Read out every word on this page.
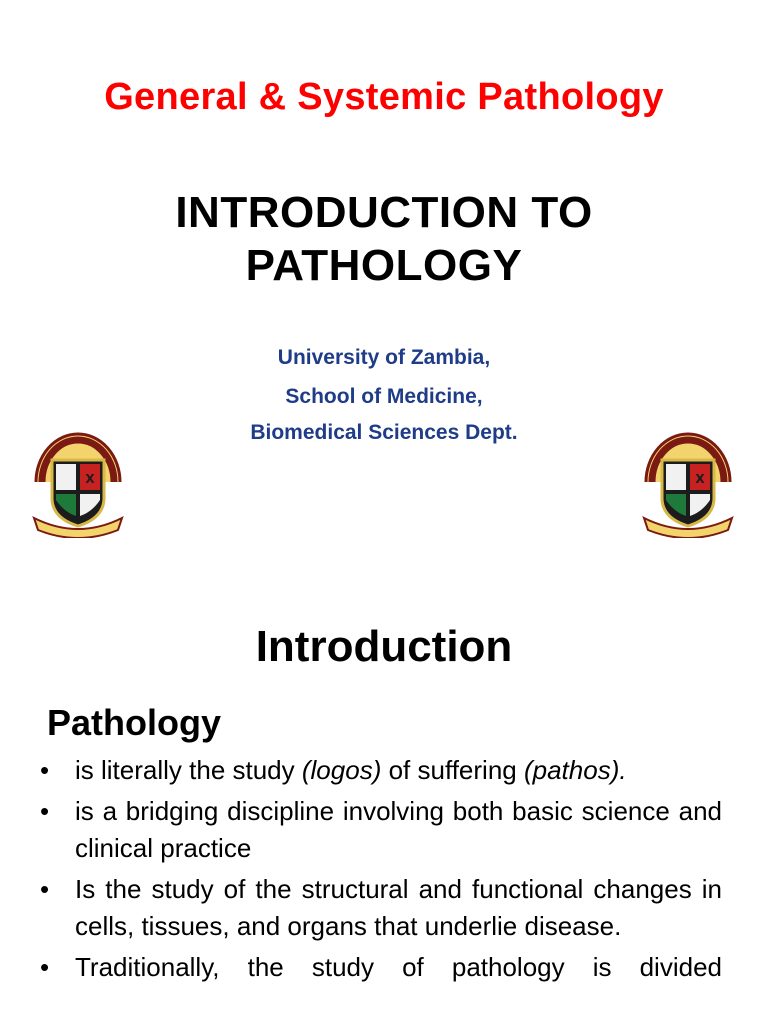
General & Systemic Pathology
INTRODUCTION TO
PATHOLOGY
University of Zambia,
School of Medicine,
Biomedical Sciences Dept.
X	X
Introduction
Pathology
• is literally the study (logos) of suffering (pathos).
• is a bridging discipline involving both basic science and clinical practice
• Is the study of the structural and functional changes in cells, tissues, and organs that underlie disease.
• Traditionally, the study of pathology is divided
